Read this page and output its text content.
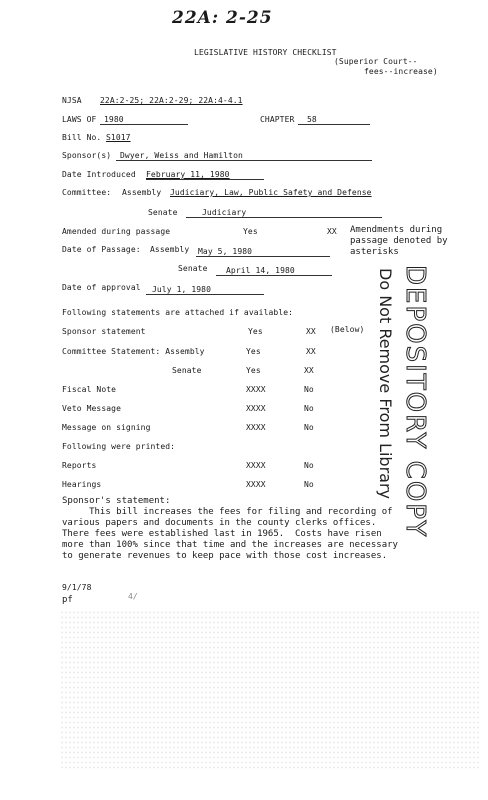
22A: 2-25
LEGISLATIVE HISTORY CHECKLIST
(Superior Court--
fees--increase)
NJSA 22A:2-25; 22A:2-29; 22A:4-4.1
LAWS OF 1980	CHAPTER 58
Bill No. S1017
Sponsor(s) Dwyer, Weiss and Hamilton
Date Introduced February 11, 1980
Committee: Assembly Judiciary, Law, Public Safety and Defense
Senate	Judiciary
Amended during passage	Yes	XX Amendments during
passage denoted by
asterisks
Date of Passage: Assembly May 5, 1980
Senate April 14, 1980
Date of approval July 1, 1980
Following statements are attached if available:
Sponsor statement	Yes	XX (Below)
Committee Statement: Assembly	Yes	XX
Senate	Yes	XX
Fiscal Note	XXXX	No
Veto Message	XXXX	No
Message on signing	XXXX	No
Following were printed:
Reports	XXXX	No
Hearings	XXXX	No
Sponsor's statement:
This bill increases the fees for filing and recording of
various papers and documents in the county clerks offices.
There fees were established last in 1965.  Costs have risen
more than 100% since that time and the increases are necessary
to generate revenues to keep pace with those cost increases.
9/1/78
pf	4/
DEPOSITORY COPY
Do Not Remove From Library
